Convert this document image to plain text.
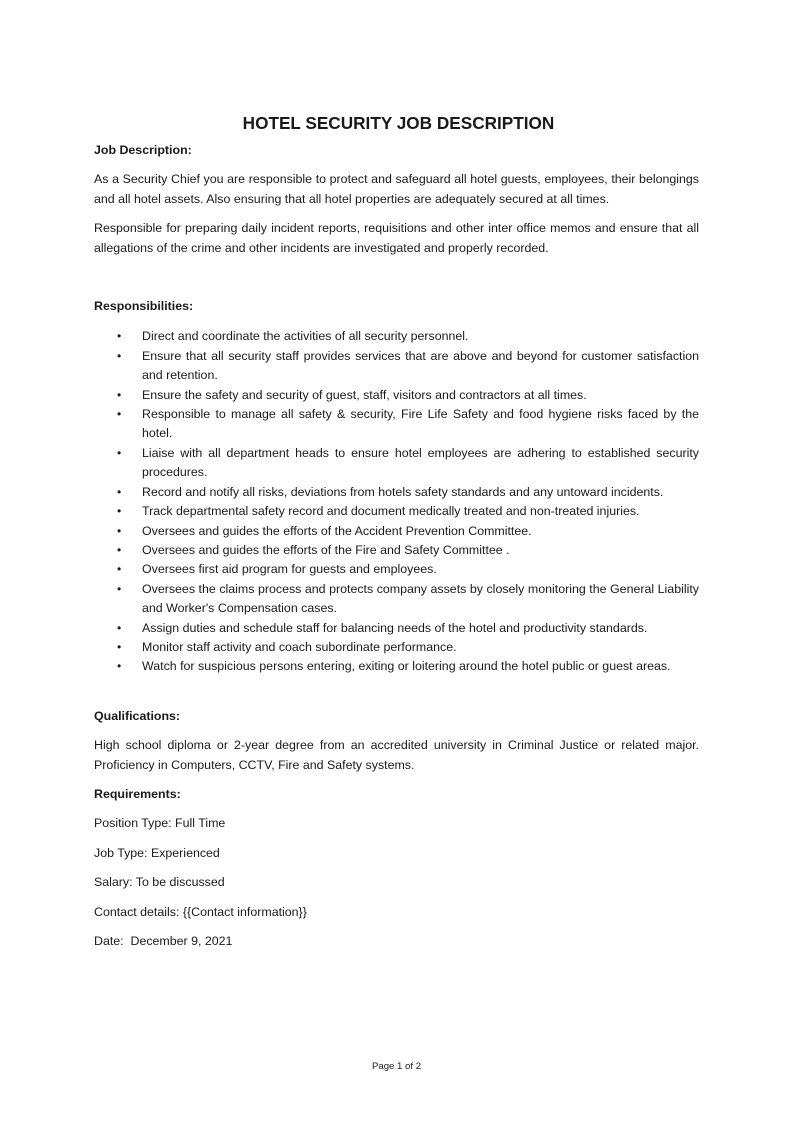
HOTEL SECURITY JOB DESCRIPTION

Job Description:

As a Security Chief you are responsible to protect and safeguard all hotel guests, employees, their belongings and all hotel assets. Also ensuring that all hotel properties are adequately secured at all times.

Responsible for preparing daily incident reports, requisitions and other inter office memos and ensure that all allegations of the crime and other incidents are investigated and properly recorded.

Responsibilities:

• Direct and coordinate the activities of all security personnel.
• Ensure that all security staff provides services that are above and beyond for customer satisfaction and retention.
• Ensure the safety and security of guest, staff, visitors and contractors at all times.
• Responsible to manage all safety & security, Fire Life Safety and food hygiene risks faced by the hotel.
• Liaise with all department heads to ensure hotel employees are adhering to established security procedures.
• Record and notify all risks, deviations from hotels safety standards and any untoward incidents.
• Track departmental safety record and document medically treated and non-treated injuries.
• Oversees and guides the efforts of the Accident Prevention Committee.
• Oversees and guides the efforts of the Fire and Safety Committee .
• Oversees first aid program for guests and employees.
• Oversees the claims process and protects company assets by closely monitoring the General Liability and Worker's Compensation cases.
• Assign duties and schedule staff for balancing needs of the hotel and productivity standards.
• Monitor staff activity and coach subordinate performance.
• Watch for suspicious persons entering, exiting or loitering around the hotel public or guest areas.

Qualifications:

High school diploma or 2-year degree from an accredited university in Criminal Justice or related major. Proficiency in Computers, CCTV, Fire and Safety systems.

Requirements:

Position Type: Full Time

Job Type: Experienced

Salary: To be discussed

Contact details: {{Contact information}}

Date:  December 9, 2021

Page 1 of 2
